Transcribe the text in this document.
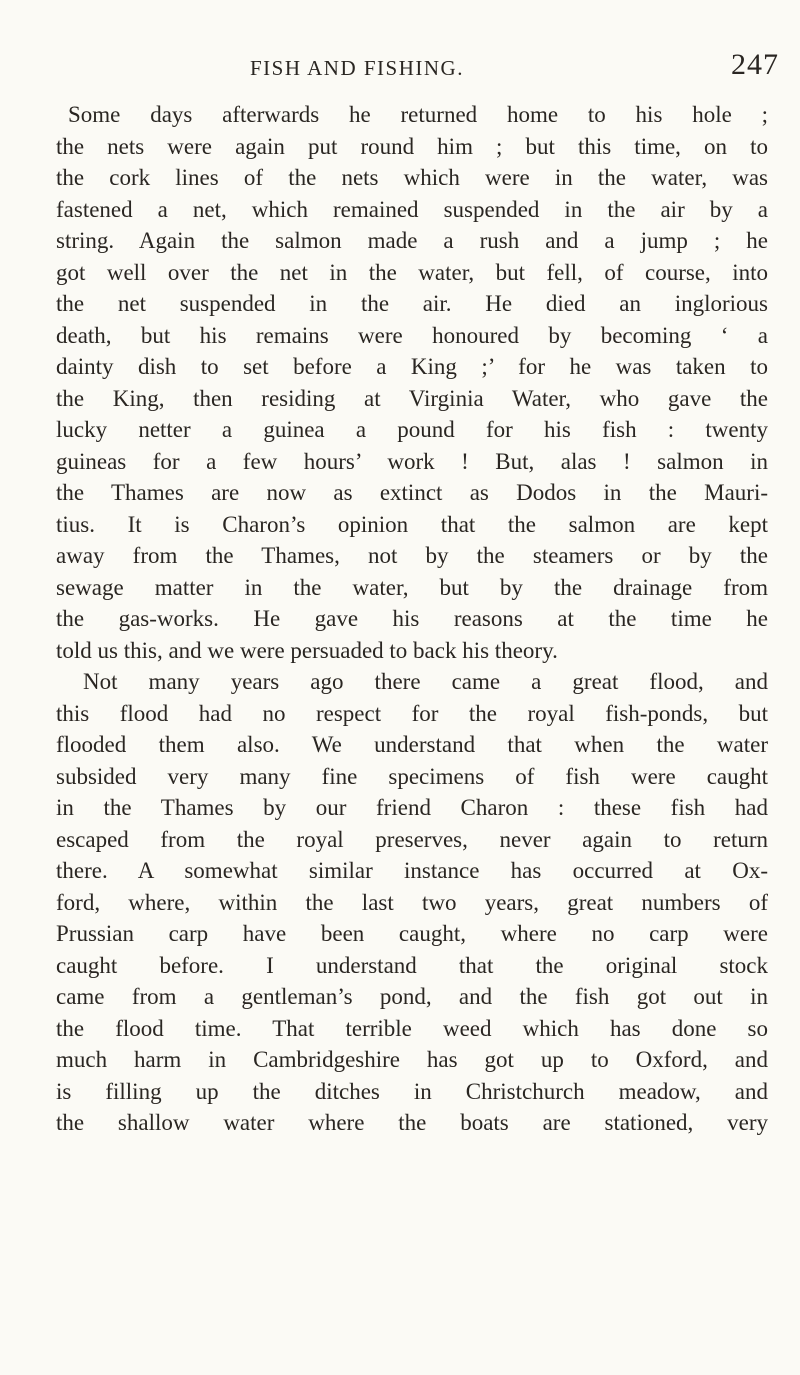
FISH AND FISHING.	247
Some days afterwards he returned home to his hole ;
the nets were again put round him ; but this time, on to
the cork lines of the nets which were in the water, was
fastened a net, which remained suspended in the air by a
string. Again the salmon made a rush and a jump ; he
got well over the net in the water, but fell, of course, into
the net suspended in the air. He died an inglorious
death, but his remains were honoured by becoming ‘ a
dainty dish to set before a King ;’ for he was taken to
the King, then residing at Virginia Water, who gave the
lucky netter a guinea a pound for his fish : twenty
guineas for a few hours’ work ! But, alas ! salmon in
the Thames are now as extinct as Dodos in the Mauri-
tius. It is Charon’s opinion that the salmon are kept
away from the Thames, not by the steamers or by the
sewage matter in the water, but by the drainage from
the gas-works. He gave his reasons at the time he
told us this, and we were persuaded to back his theory.
Not many years ago there came a great flood, and
this flood had no respect for the royal fish-ponds, but
flooded them also. We understand that when the water
subsided very many fine specimens of fish were caught
in the Thames by our friend Charon : these fish had
escaped from the royal preserves, never again to return
there. A somewhat similar instance has occurred at Ox-
ford, where, within the last two years, great numbers of
Prussian carp have been caught, where no carp were
caught before. I understand that the original stock
came from a gentleman’s pond, and the fish got out in
the flood time. That terrible weed which has done so
much harm in Cambridgeshire has got up to Oxford, and
is filling up the ditches in Christchurch meadow, and
the shallow water where the boats are stationed, very
